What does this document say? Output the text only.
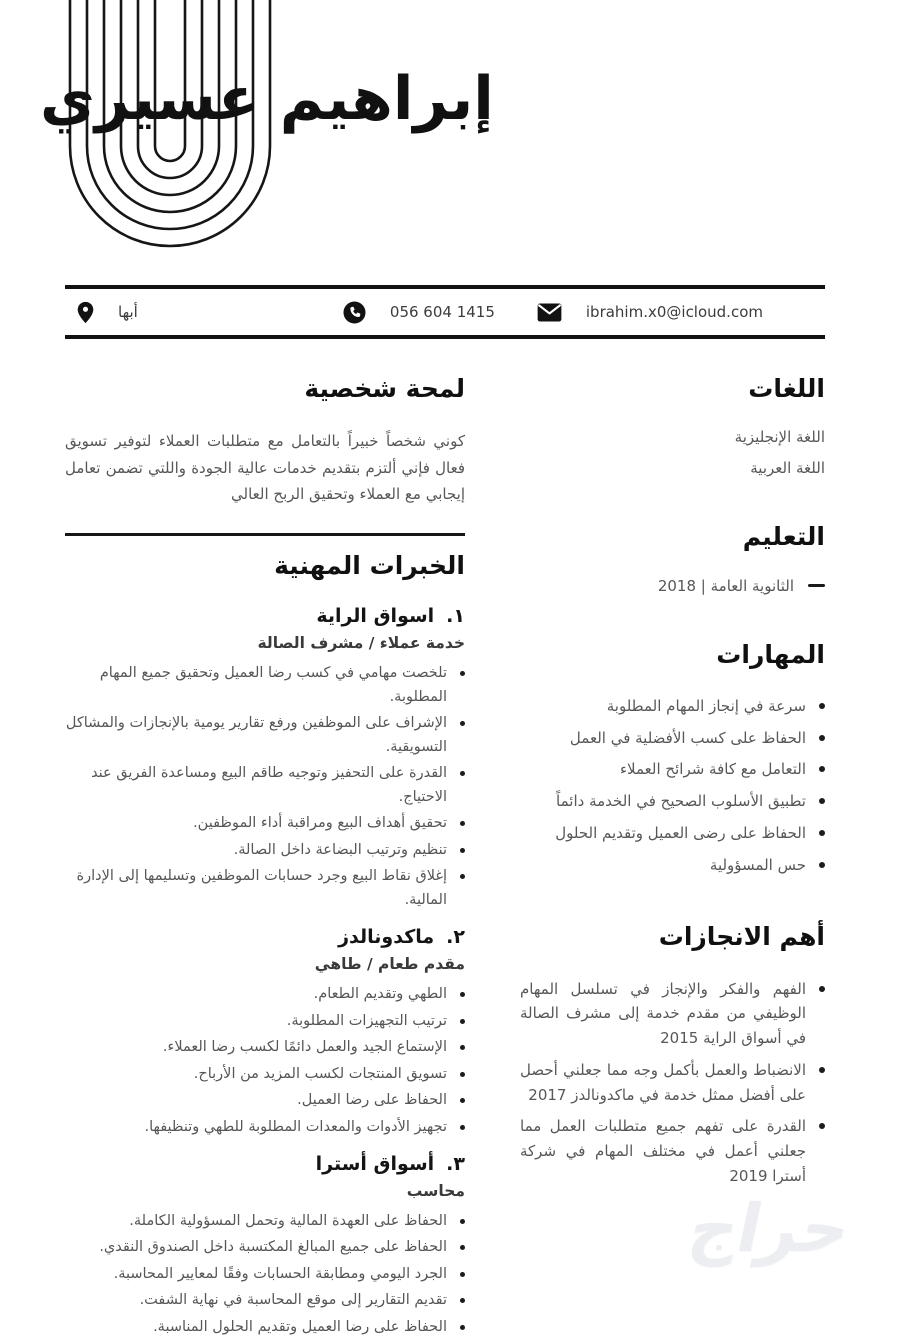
إبراهيم عسيري
أبها	056 604 1415	ibrahim.x0@icloud.com
اللغات
اللغة الإنجليزية
اللغة العربية
التعليم
الثانوية العامة | 2018
المهارات
سرعة في إنجاز المهام المطلوبة
الحفاظ على كسب الأفضلية في العمل
التعامل مع كافة شرائح العملاء
تطبيق الأسلوب الصحيح في الخدمة دائماً
الحفاظ على رضى العميل وتقديم الحلول
حس المسؤولية
أهم الانجازات
الفهم والفكر والإنجاز في تسلسل المهام الوظيفي من مقدم خدمة إلى مشرف الصالة في أسواق الراية 2015
الانضباط والعمل بأكمل وجه مما جعلني أحصل على أفضل ممثل خدمة في ماكدونالدز 2017
القدرة على تفهم جميع متطلبات العمل مما جعلني أعمل في مختلف المهام في شركة أسترا 2019
لمحة شخصية

كوني شخصاً خبيراً بالتعامل مع متطلبات العملاء لتوفير تسويق فعال فإني ألتزم بتقديم خدمات عالية الجودة واللتي تضمن تعامل إيجابي مع العملاء وتحقيق الربح العالي

الخبرات المهنية
١.
اسواق الراية
خدمة عملاء / مشرف الصالة
تلخصت مهامي في كسب رضا العميل وتحقيق جميع المهام المطلوبة.
الإشراف على الموظفين ورفع تقارير يومية بالإنجازات والمشاكل التسويقية.
القدرة على التحفيز وتوجيه طاقم البيع ومساعدة الفريق عند الاحتياج.
تحقيق أهداف البيع ومراقبة أداء الموظفين.
تنظيم وترتيب البضاعة داخل الصالة.
إغلاق نقاط البيع وجرد حسابات الموظفين وتسليمها إلى الإدارة المالية.
٢.
ماكدونالدز
مقدم طعام / طاهي
الطهي وتقديم الطعام.
ترتيب التجهيزات المطلوبة.
الإستماع الجيد والعمل دائمًا لكسب رضا العملاء.
تسويق المنتجات لكسب المزيد من الأرباح.
الحفاظ على رضا العميل.
تجهيز الأدوات والمعدات المطلوبة للطهي وتنظيفها.
٣.
أسواق أسترا
محاسب
الحفاظ على العهدة المالية وتحمل المسؤولية الكاملة.
الحفاظ على جميع المبالغ المكتسبة داخل الصندوق النقدي.
الجرد اليومي ومطابقة الحسابات وفقًا لمعايير المحاسبة.
تقديم التقارير إلى موقع المحاسبة في نهاية الشفت.
الحفاظ على رضا العميل وتقديم الحلول المناسبة.
حراج
